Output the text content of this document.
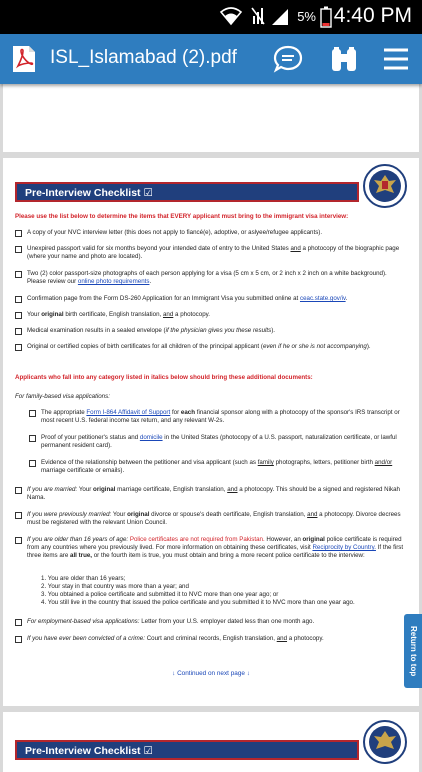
5% 4:40 PM
ISL_Islamabad (2).pdf
Pre-Interview Checklist ☑
Please use the list below to determine the items that EVERY applicant must bring to the immigrant visa interview:
A copy of your NVC interview letter (this does not apply to fiancé(e), adoptive, or aslyee/refugee applicants).
Unexpired passport valid for six months beyond your intended date of entry to the United States and a photocopy of the biographic page (where your name and photo are located).
Two (2) color passport-size photographs of each person applying for a visa (5 cm x 5 cm, or 2 inch x 2 inch on a white background). Please review our online photo requirements.
Confirmation page from the Form DS-260 Application for an Immigrant Visa you submitted online at ceac.state.gov/iv.
Your original birth certificate, English translation, and a photocopy.
Medical examination results in a sealed envelope (if the physician gives you these results).
Original or certified copies of birth certificates for all children of the principal applicant (even if he or she is not accompanying).
Applicants who fall into any category listed in italics below should bring these additional documents:
For family-based visa applications:
The appropriate Form I-864 Affidavit of Support for each financial sponsor along with a photocopy of the sponsor's IRS transcript or most recent U.S. federal income tax return, and any relevant W-2s.
Proof of your petitioner's status and domicile in the United States (photocopy of a U.S. passport, naturalization certificate, or lawful permanent resident card).
Evidence of the relationship between the petitioner and visa applicant (such as family photographs, letters, petitioner birth and/or marriage certificate or emails).
If you are married: Your original marriage certificate, English translation, and a photocopy. This should be a signed and registered Nikah Nama.
If you were previously married: Your original divorce or spouse's death certificate, English translation, and a photocopy. Divorce decrees must be registered with the relevant Union Council.
If you are older than 16 years of age: Police certificates are not required from Pakistan. However, an original police certificate is required from any countries where you previously lived. For more information on obtaining these certificates, visit Reciprocity by Country. If the first three items are all true, or the fourth item is true, you must obtain and bring a more recent police certificate to the interview:
1. You are older than 16 years;
2. Your stay in that country was more than a year; and
3. You obtained a police certificate and submitted it to NVC more than one year ago; or
4. You still live in the country that issued the police certificate and you submitted it to NVC more than one year ago.
For employment-based visa applications: Letter from your U.S. employer dated less than one month ago.
If you have ever been convicted of a crime: Court and criminal records, English translation, and a photocopy.
↓ Continued on next page ↓
Pre-Interview Checklist ☑
Return to top
